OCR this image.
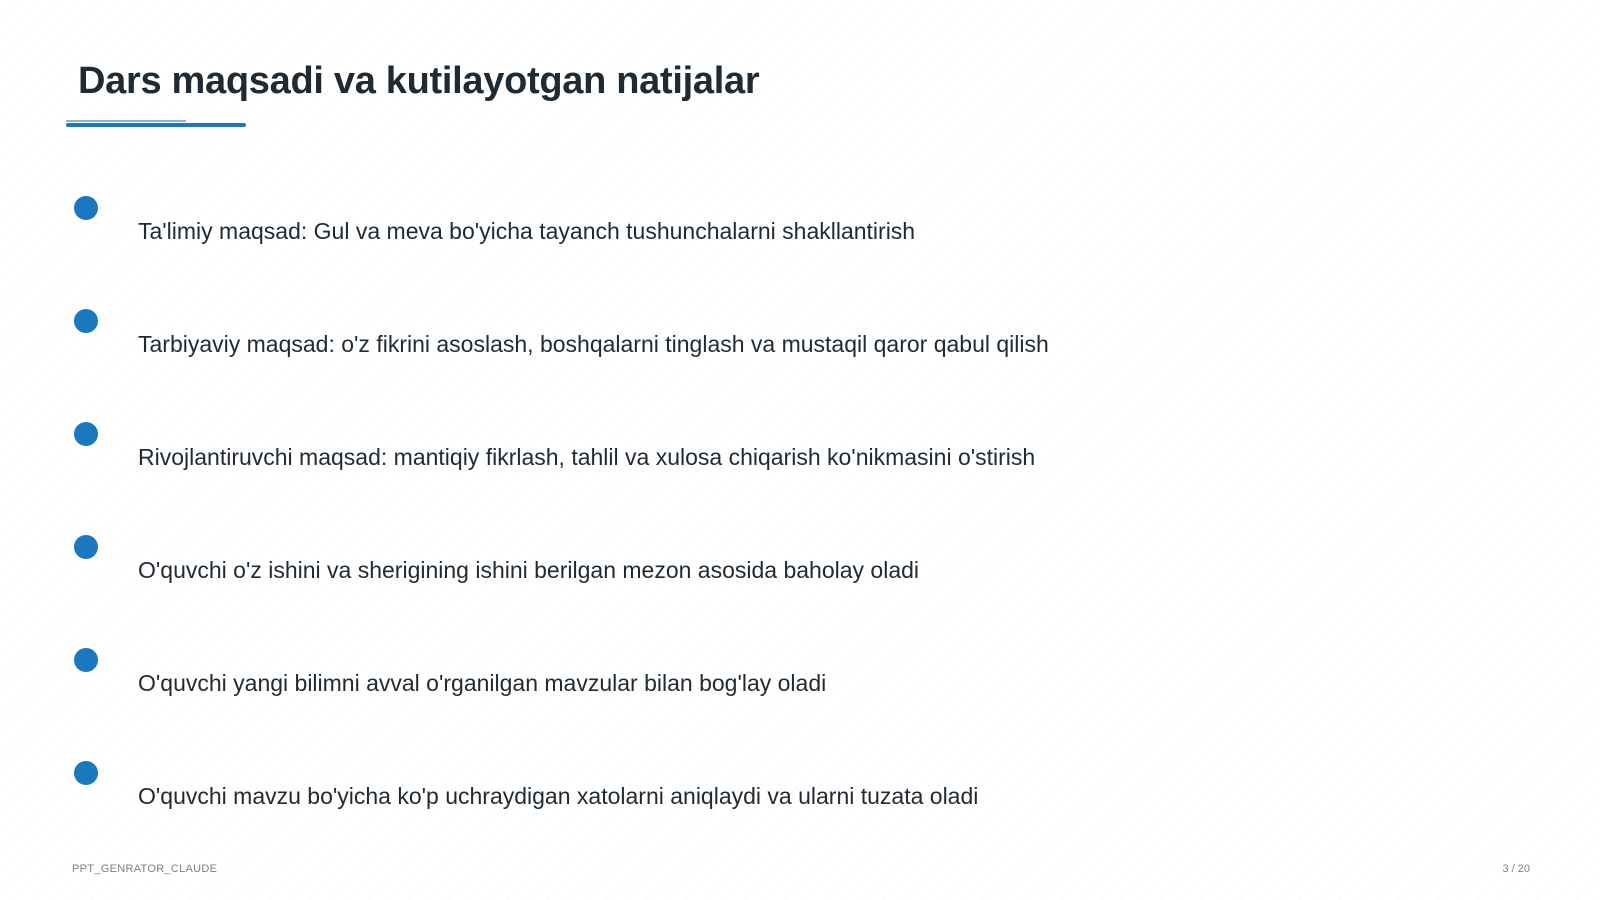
Dars maqsadi va kutilayotgan natijalar
Ta'limiy maqsad: Gul va meva bo'yicha tayanch tushunchalarni shakllantirish
Tarbiyaviy maqsad: o'z fikrini asoslash, boshqalarni tinglash va mustaqil qaror qabul qilish
Rivojlantiruvchi maqsad: mantiqiy fikrlash, tahlil va xulosa chiqarish ko'nikmasini o'stirish
O'quvchi o'z ishini va sherigining ishini berilgan mezon asosida baholay oladi
O'quvchi yangi bilimni avval o'rganilgan mavzular bilan bog'lay oladi
O'quvchi mavzu bo'yicha ko'p uchraydigan xatolarni aniqlaydi va ularni tuzata oladi
PPT_GENRATOR_CLAUDE	3 / 20
